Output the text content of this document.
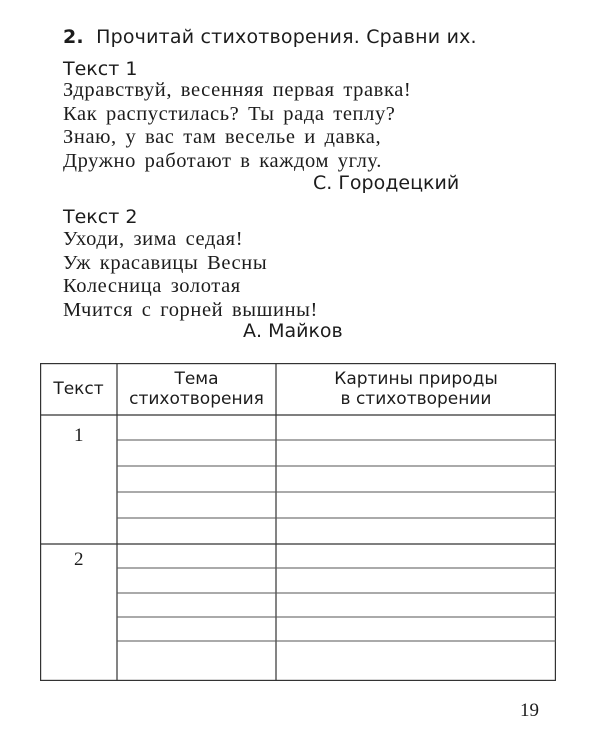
2. Прочитай стихотворения. Сравни их.
Текст 1
Здравствуй, весенняя первая травка!
Как распустилась? Ты рада теплу?
Знаю, у вас там веселье и давка,
Дружно работают в каждом углу.
С. Городецкий
Текст 2
Уходи, зима седая!
Уж красавицы Весны
Колесница золотая
Мчится с горней вышины!
А. Майков
Текст	Тема
стихотворения
Картины природы
в стихотворении
1
2
19
